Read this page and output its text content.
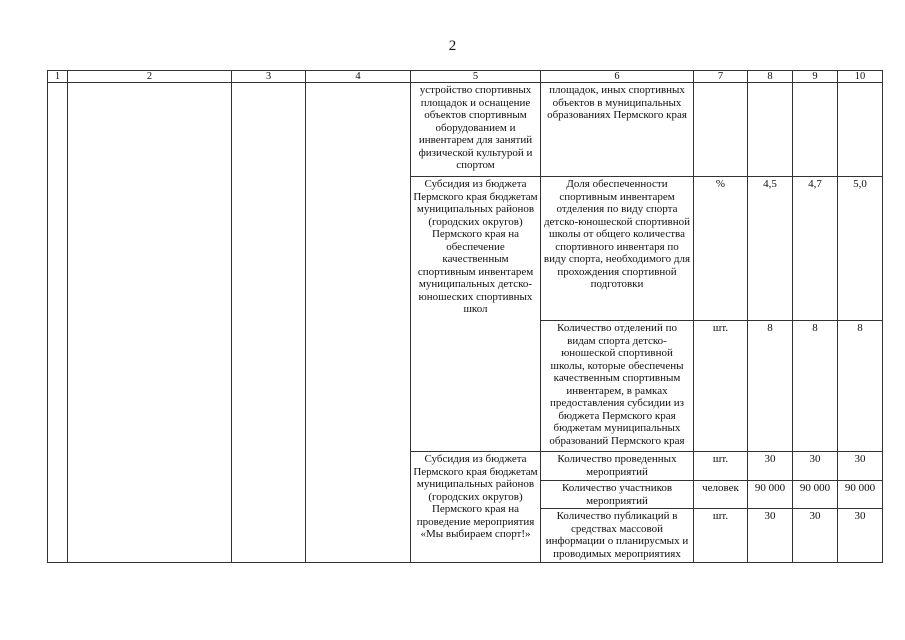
2
1	2	3	4	5	6	7	8	9	10
				устройство спортивных площадок и оснащение объектов спортивным оборудованием и инвентарем для занятий физической культурой и спортом	площадок, иных спортивных объектов в муниципальных образованиях Пермского края				
				Субсидия из бюджета Пермского края бюджетам муниципальных районов (городских округов) Пермского края на обеспечение качественным спортивным инвентарем муниципальных детско-юношеских спортивных школ	Доля обеспеченности спортивным инвентарем отделения по виду спорта детско-юношеской спортивной школы от общего количества спортивного инвентаря по виду спорта, необходимого для прохождения спортивной подготовки	%	4,5	4,7	5,0
					Количество отделений по видам спорта детско-юношеской спортивной школы, которые обеспечены качественным спортивным инвентарем, в рамках предоставления субсидии из бюджета Пермского края бюджетам муниципальных образований Пермского края	шт.	8	8	8
				Субсидия из бюджета Пермского края бюджетам муниципальных районов (городских округов) Пермского края на проведение мероприятия «Мы выбираем спорт!»	Количество проведенных мероприятий	шт.	30	30	30
					Количество участников мероприятий	человек	90 000	90 000	90 000
					Количество публикаций в средствах массовой информации о планирусмых и проводимых мероприятиях	шт.	30	30	30
